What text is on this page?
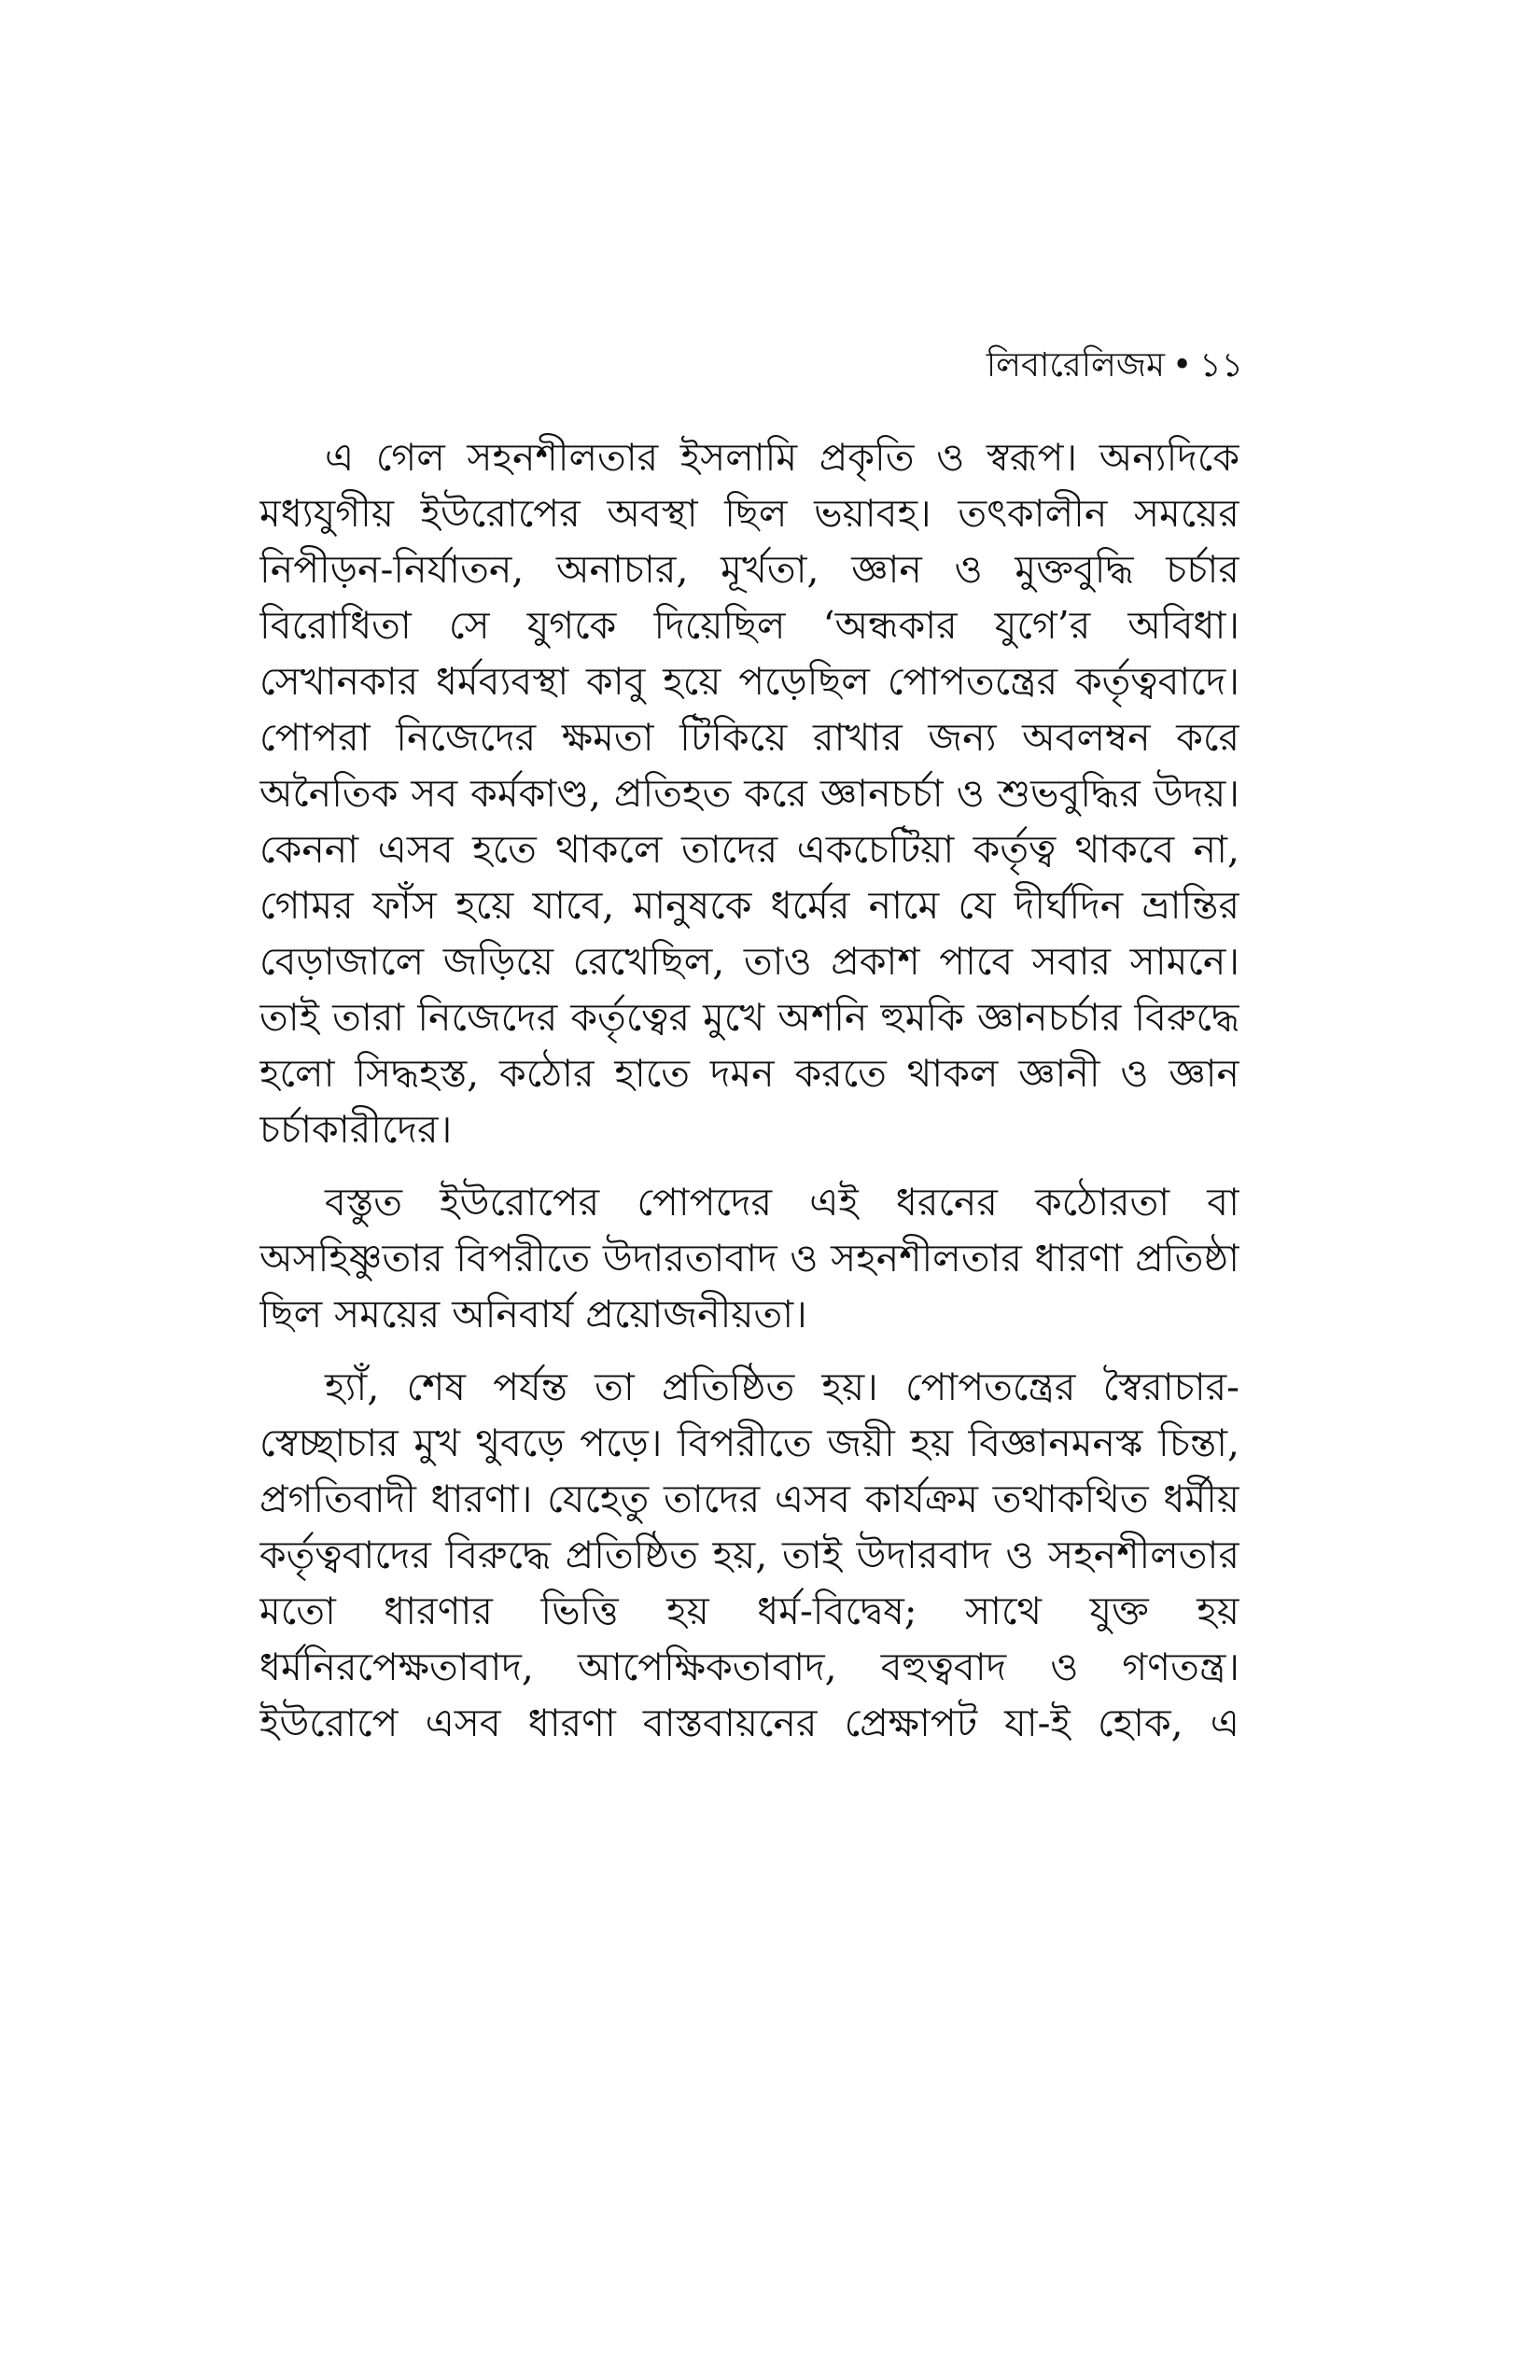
লিবারেলিজম • ১১
এ গেল সহনশীলতার ইসলামি প্রকৃতি ও স্বরূপ। অন্যদিকে
মধ্যযুগীয় ইউরোপের অবস্থা ছিল ভয়াবহ। তৎকালীন সময়ের
নিপীড়ন-নির্যাতন, অনাচার, মূর্খতা, জ্ঞান ও মুক্তবুদ্ধি চর্চার
বিরোধিতা সে যুগকে দিয়েছিল ‘অন্ধকার যুগে’র অবিধা।
সেখানকার ধর্মব্যবস্থা কাবু হয়ে পড়েছিল পোপতন্ত্রের কর্তৃত্ববাদে।
পোপরা নিজেদের ক্ষমতা টিকিয়ে রাখার জন্য অবলম্বন করে
অনৈতিক সব কর্মকাণ্ড, প্রতিহত করে জ্ঞানচর্চা ও শুভবুদ্ধির উদয়।
কেননা এসব হতে থাকলে তাদের একচেটিয়া কর্তৃত্ব থাকবে না,
গোমর ফাঁস হয়ে যাবে, মানুষকে ধর্মের নামে যে দীর্ঘদিন ভ্রান্তির
বেড়াজালে জড়িয়ে রেখেছিল, তাও প্রকাশ পাবে সবার সামনে।
তাই তারা নিজেদের কর্তৃত্বের মুখে অশনি হুমকি জ্ঞানচর্চার বিরুদ্ধে
হলো সিদ্ধহস্ত, কঠোর হাতে দমন করতে থাকল জ্ঞানী ও জ্ঞান
চর্চাকারীদের।
বস্তুত ইউরোপের পোপদের এই ধরনের কঠোরতা বা
অসহিষ্ণুতার বিপরীতে উদারতাবাদ ও সহনশীলতার ধারণা প্রতিষ্ঠা
ছিল সময়ের অনিবার্য প্রয়োজনীয়তা।
হ্যাঁ, শেষ পর্যন্ত তা প্রতিষ্ঠিত হয়। পোপতন্ত্রের স্বৈরাচার-
স্বেচ্ছাচার মুখ থুবড়ে পড়ে। বিপরীতে জয়ী হয় বিজ্ঞানমনস্ক চিন্তা,
প্রগতিবাদী ধারণা। যেহেতু তাদের এসব কার্যক্রম তথাকথিত ধর্মীয়
কর্তৃত্ববাদের বিরুদ্ধে প্রতিষ্ঠিত হয়, তাই উদারবাদ ও সহনশীলতার
মতো ধারণার ভিত্তি হয় ধর্ম-বিদ্বেষ; সাথে যুক্ত হয়
ধর্মনিরপেক্ষতাবাদ, আপেক্ষিকতাবাদ, বহুত্ববাদ ও গণতন্ত্র।
ইউরোপে এসব ধারণা বাস্তবায়নের প্রেক্ষাপট যা-ই হোক, এ
